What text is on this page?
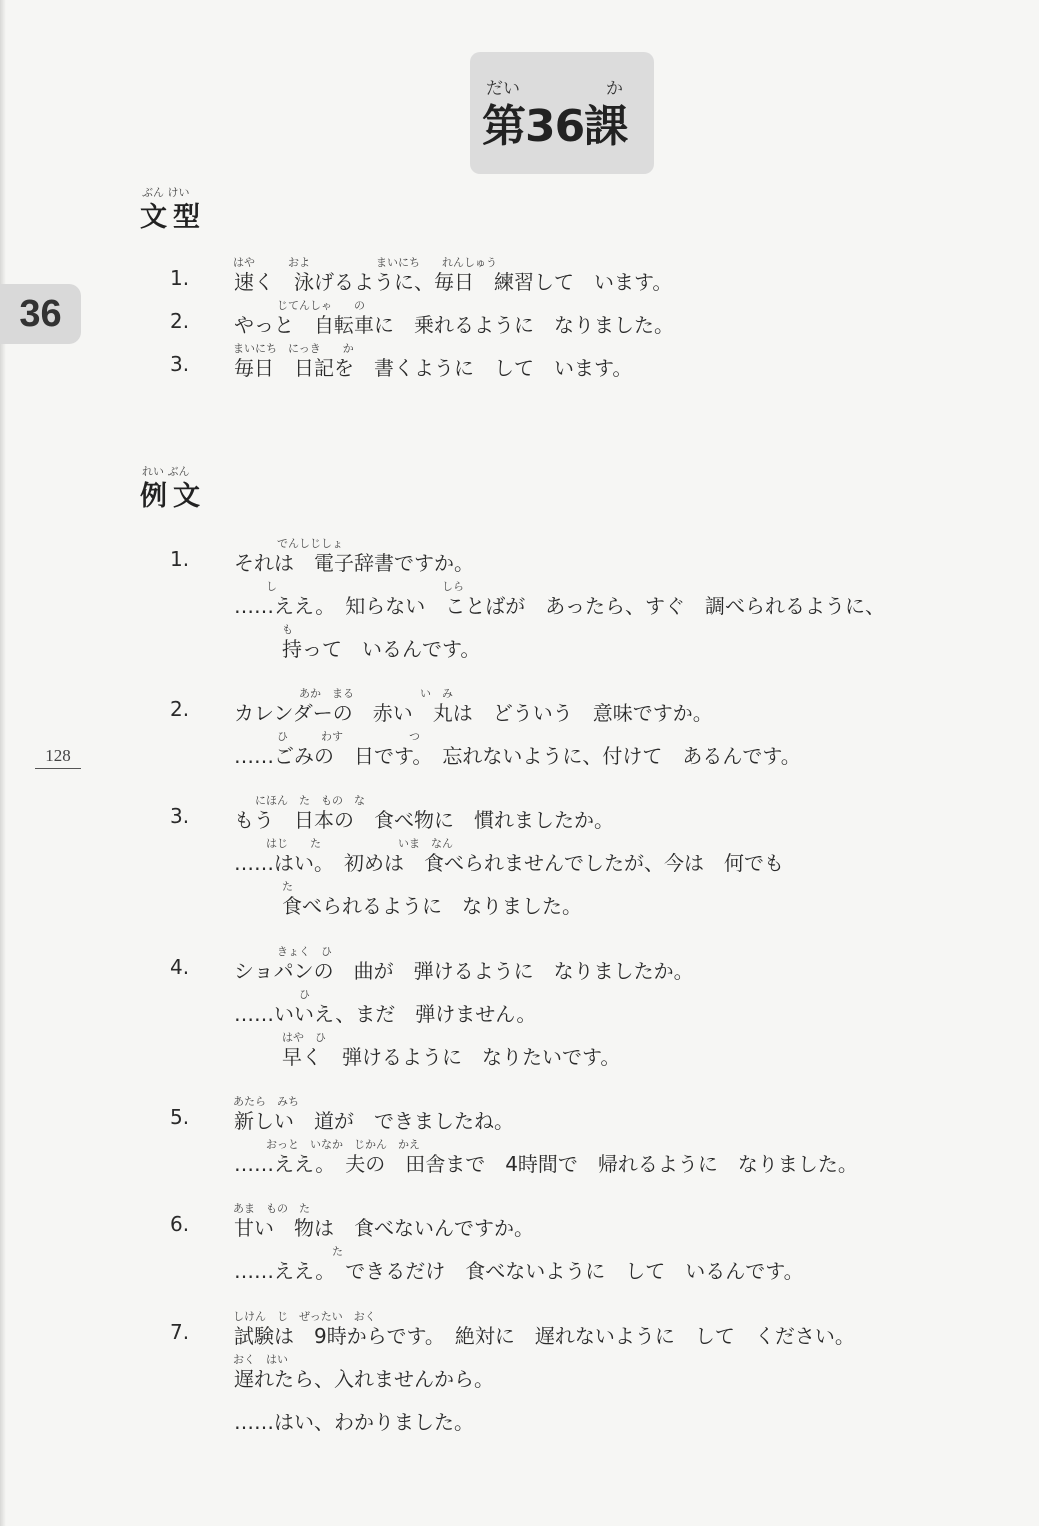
36
128
だい	か
第36課
ぶん けい
文型
1.
はや　　　およ　　　　　　まいにち　　れんしゅう
速く　泳げるように、毎日　練習して　います。
2.
　　　　じてんしゃ　　の
やっと　自転車に　乗れるように　なりました。
3.
まいにち　にっき　　か
毎日　日記を　書くように　して　います。
れい ぶん
例文
1.
　　　　でんしじしょ
それは　電子辞書ですか。
　　　し　　　　　　　　　　　　　　　しら
……ええ。　知らない　ことばが　あったら、すぐ　調べられるように、
も
持って　いるんです。
2.
　　　　　　あか　まる　　　　　　い　み
カレンダーの　赤い　丸は　どういう　意味ですか。
　　　　ひ　　　わす　　　　　　つ
……ごみの　日です。　忘れないように、付けて　あるんです。
3.
　　にほん　た　もの　な
もう　日本の　食べ物に　慣れましたか。
　　　はじ　　た　　　　　　　いま　なん
……はい。　初めは　食べられませんでしたが、今は　何でも
た
食べられるように　なりました。
4.
　　　　きょく　ひ
ショパンの　曲が　弾けるように　なりましたか。
　　　　　　ひ
……いいえ、まだ　弾けません。
はや　ひ
早く　弾けるように　なりたいです。
5.
あたら　みち
新しい　道が　できましたね。
　　　おっと　いなか　じかん　かえ
……ええ。　夫の　田舎まで　4時間で　帰れるように　なりました。
6.
あま　もの　た
甘い　物は　食べないんですか。
　　　　　　　　　た
……ええ。　できるだけ　食べないように　して　いるんです。
7.
しけん　じ　ぜったい　おく
試験は　9時からです。　絶対に　遅れないように　して　ください。
おく　はい
遅れたら、入れませんから。
……はい、わかりました。
